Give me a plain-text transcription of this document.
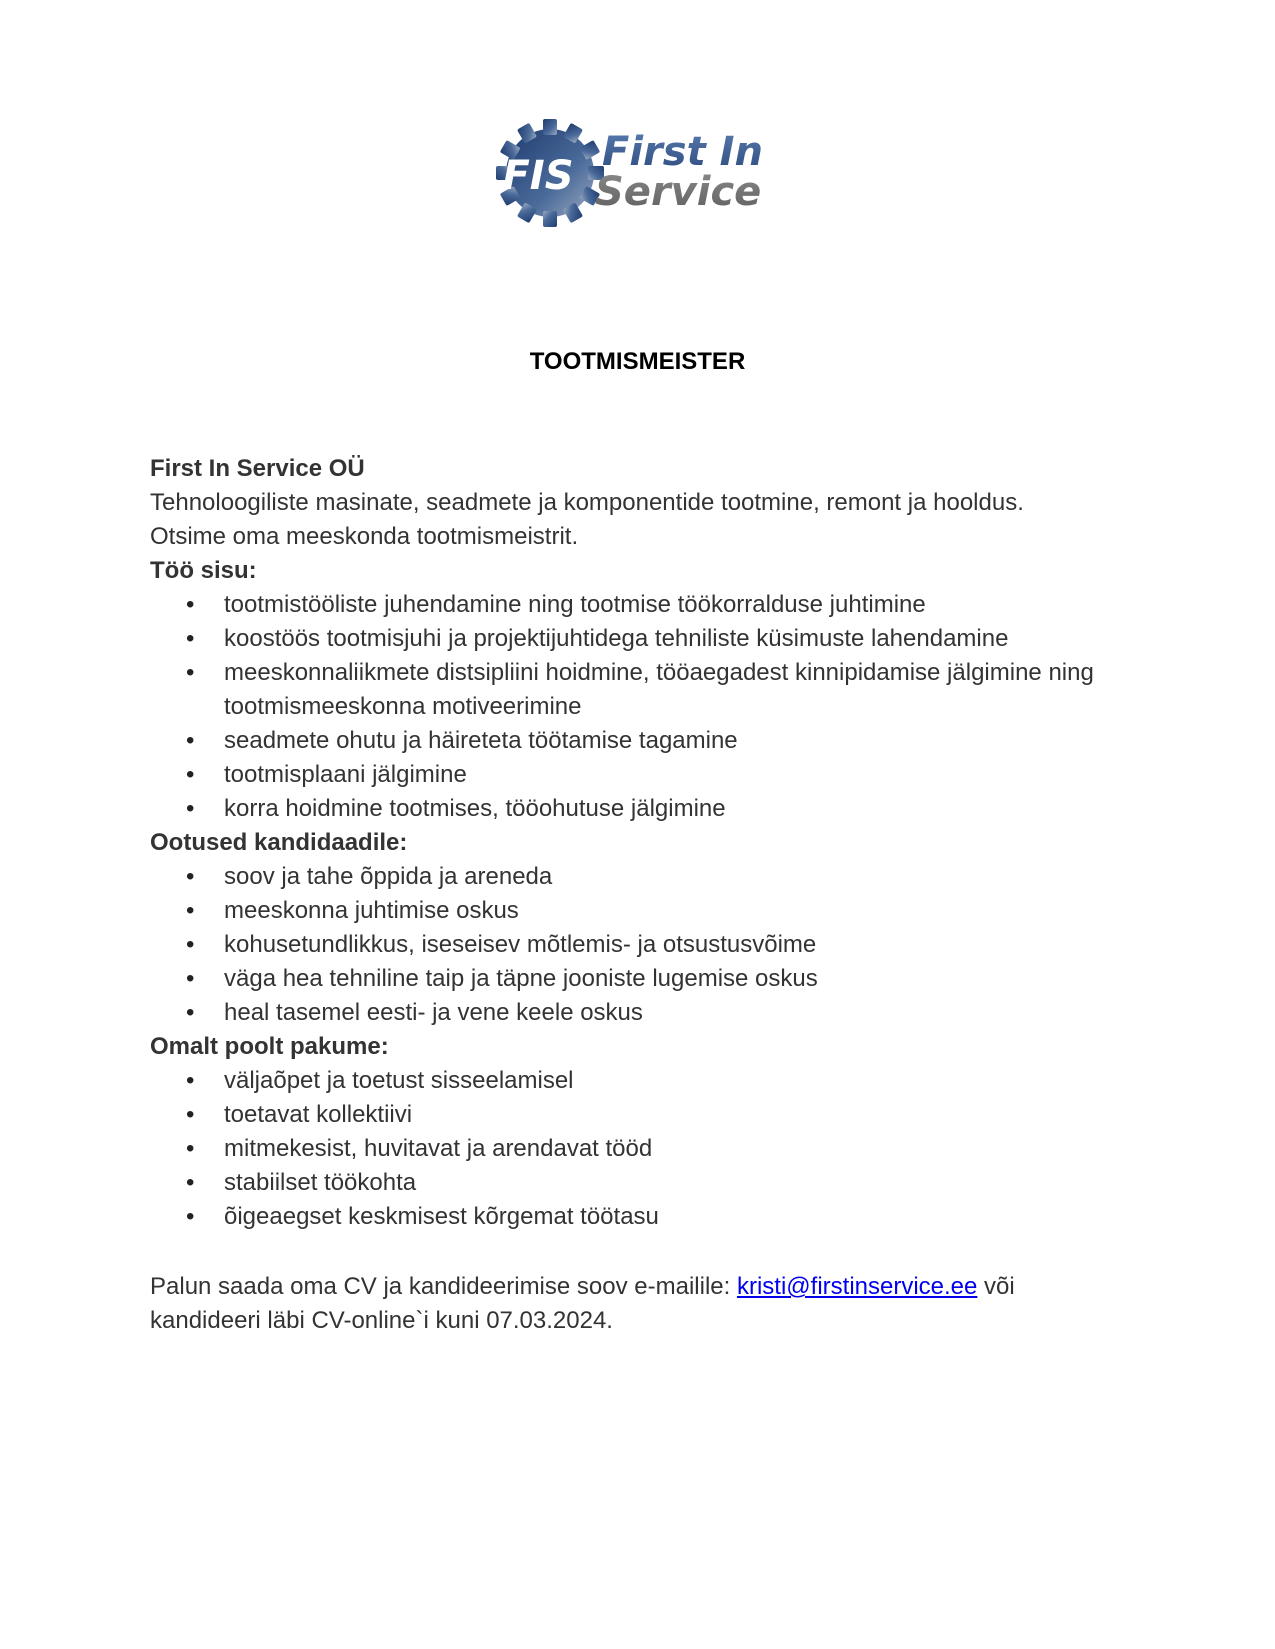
FIS
First In
Service
TOOTMISMEISTER
First In Service OÜ
Tehnoloogiliste masinate, seadmete ja komponentide tootmine, remont ja hooldus.
Otsime oma meeskonda tootmismeistrit.
Töö sisu:
• tootmistööliste juhendamine ning tootmise töökorralduse juhtimine
• koostöös tootmisjuhi ja projektijuhtidega tehniliste küsimuste lahendamine
• meeskonnaliikmete distsipliini hoidmine, tööaegadest kinnipidamise jälgimine ning tootmismeeskonna motiveerimine
• seadmete ohutu ja häireteta töötamise tagamine
• tootmisplaani jälgimine
• korra hoidmine tootmises, tööohutuse jälgimine
Ootused kandidaadile:
• soov ja tahe õppida ja areneda
• meeskonna juhtimise oskus
• kohusetundlikkus, iseseisev mõtlemis- ja otsustusvõime
• väga hea tehniline taip ja täpne jooniste lugemise oskus
• heal tasemel eesti- ja vene keele oskus
Omalt poolt pakume:
• väljaõpet ja toetust sisseelamisel
• toetavat kollektiivi
• mitmekesist, huvitavat ja arendavat tööd
• stabiilset töökohta
• õigeaegset keskmisest kõrgemat töötasu
Palun saada oma CV ja kandideerimise soov e-mailile: kristi@firstinservice.ee või kandideeri läbi CV-online`i kuni 07.03.2024.
